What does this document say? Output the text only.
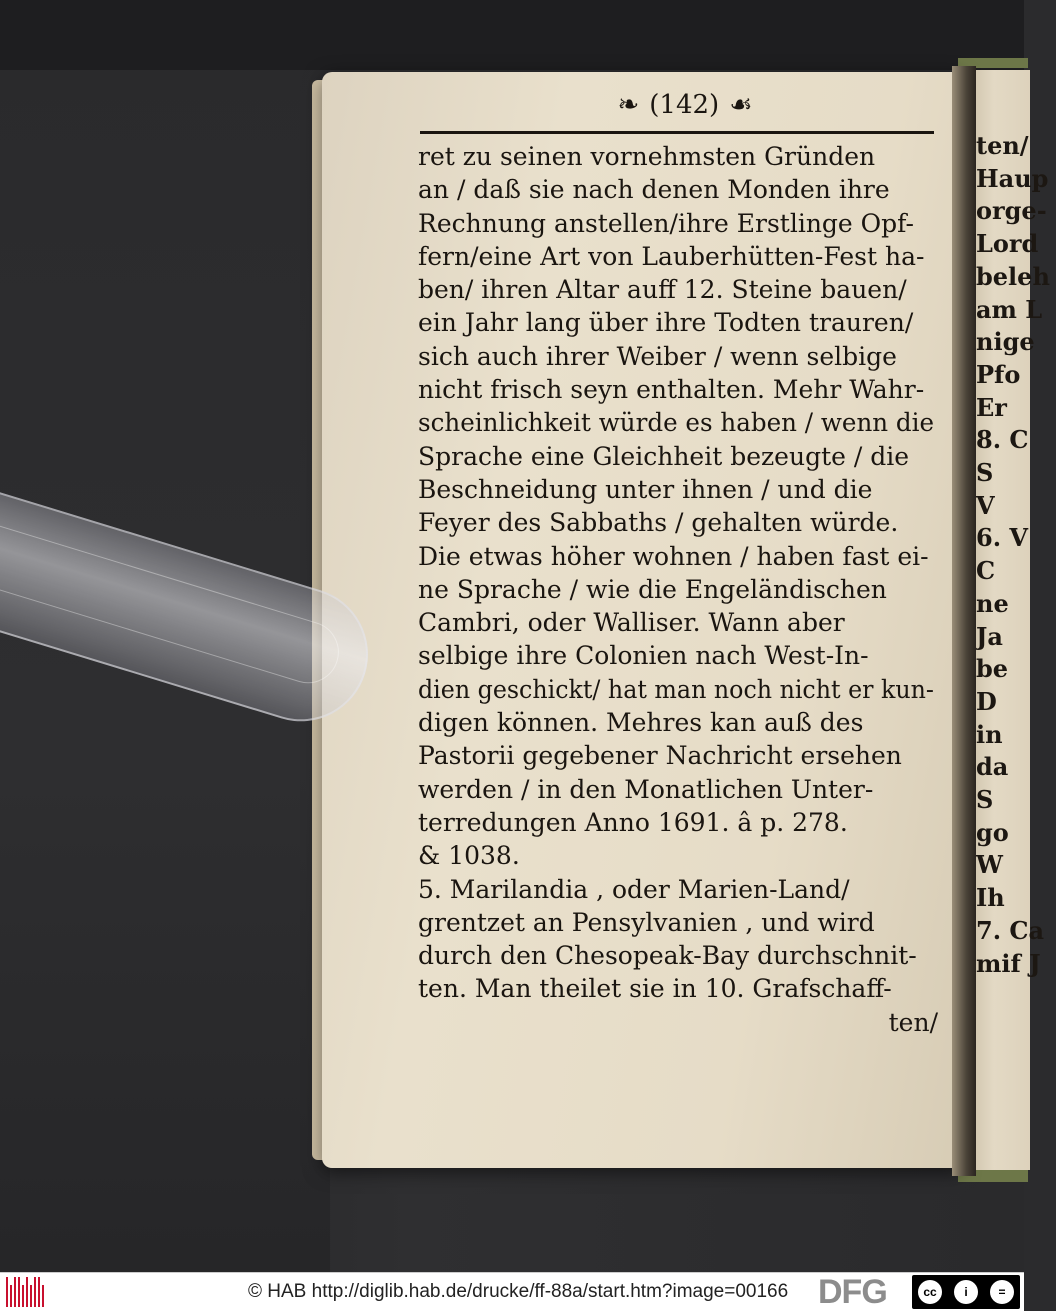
ten/
Haup
orge-
Lord
beleh
am L
nige
Pfo
Er
8. C
S
V
6. V
C
ne
Ja
be
D
in
da
S
go
W
Ih
7. Ca
mif J
❧ (142) ☙
ret zu seinen vornehmsten Gründen
an / daß sie nach denen Monden ihre
Rechnung anstellen/ihre Erstlinge Opf-
fern/eine Art von Lauberhütten-Fest ha-
ben/ ihren Altar auff 12. Steine bauen/
ein Jahr lang über ihre Todten trauren/
sich auch ihrer Weiber / wenn selbige
nicht frisch seyn enthalten. Mehr Wahr-
scheinlichkeit würde es haben / wenn die
Sprache eine Gleichheit bezeugte / die
Beschneidung unter ihnen / und die
Feyer des Sabbaths / gehalten würde.
Die etwas höher wohnen / haben fast ei-
ne Sprache / wie die Engeländischen
Cambri, oder Walliser. Wann aber
selbige ihre Colonien nach West-In-
dien geschickt/ hat man noch nicht er kun-
digen können. Mehres kan auß des
Pastorii gegebener Nachricht ersehen
werden / in den Monatlichen Unter-
terredungen Anno 1691. â p. 278.
& 1038.
5. Marilandia , oder Marien-Land/
grentzet an Pensylvanien , und wird
durch den Chesopeak-Bay durchschnit-
ten. Man theilet sie in 10. Grafschaff-
ten/
© HAB http://diglib.hab.de/drucke/ff-88a/start.htm?image=00166 DFG	cc	i	=
